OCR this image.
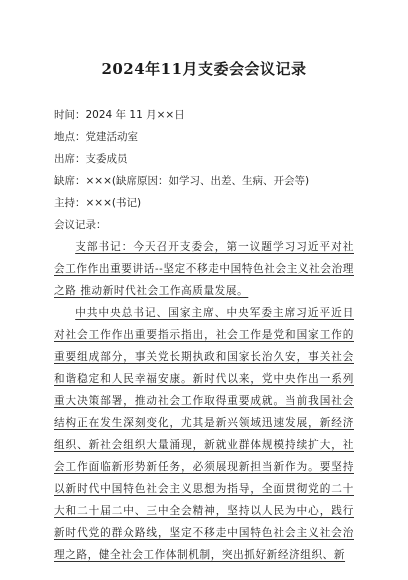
2024年11月支委会会议记录
时间：2024 年 11 月××日
地点：党建活动室
出席：支委成员
缺席：×××(缺席原因：如学习、出差、生病、开会等)
主持：×××(书记)
会议记录：

支部书记：今天召开支委会，第一议题学习习近平对社会工作作出重要讲话--坚定不移走中国特色社会主义社会治理之路 推动新时代社会工作高质量发展。

中共中央总书记、国家主席、中央军委主席习近平近日对社会工作作出重要指示指出，社会工作是党和国家工作的重要组成部分，事关党长期执政和国家长治久安，事关社会和谐稳定和人民幸福安康。新时代以来，党中央作出一系列重大决策部署，推动社会工作取得重要成就。当前我国社会结构正在发生深刻变化，尤其是新兴领域迅速发展，新经济组织、新社会组织大量涌现，新就业群体规模持续扩大，社会工作面临新形势新任务，必须展现新担当新作为。要坚持以新时代中国特色社会主义思想为指导，全面贯彻党的二十大和二十届二中、三中全会精神，坚持以人民为中心，践行新时代党的群众路线，坚定不移走中国特色社会主义社会治理之路，健全社会工作体制机制，突出抓好新经济组织、新
